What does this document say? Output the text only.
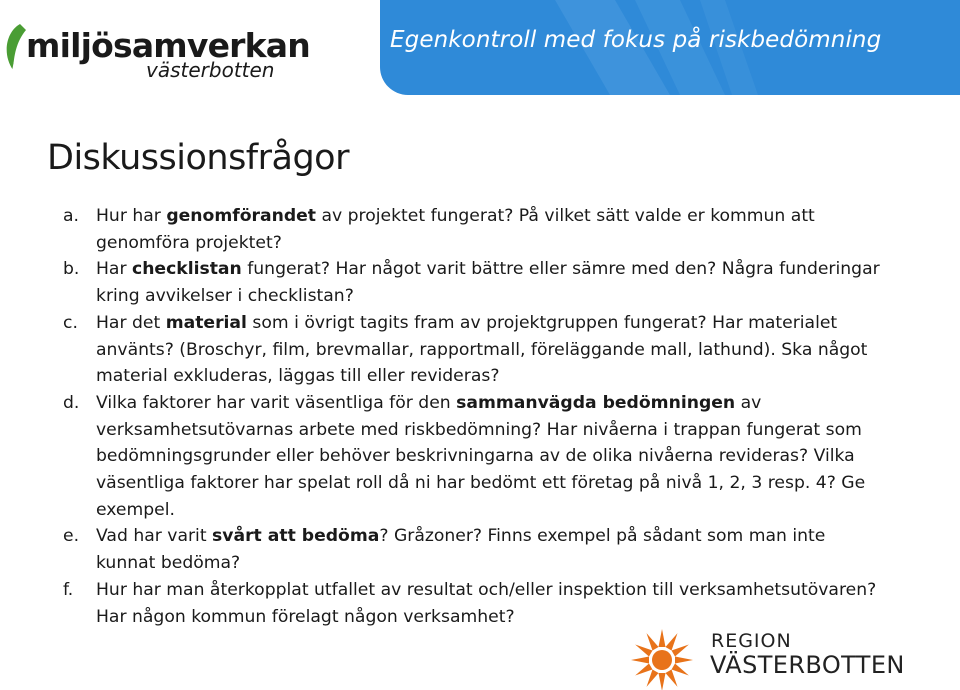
Egenkontroll med fokus på riskbedömning
miljösamverkan
västerbotten
Diskussionsfrågor
a. Hur har genomförandet av projektet fungerat? På vilket sätt valde er kommun att genomföra projektet?
b. Har checklistan fungerat? Har något varit bättre eller sämre med den? Några funderingar kring avvikelser i checklistan?
c. Har det material som i övrigt tagits fram av projektgruppen fungerat? Har materialet använts? (Broschyr, film, brevmallar, rapportmall, föreläggande mall, lathund). Ska något material exkluderas, läggas till eller revideras?
d. Vilka faktorer har varit väsentliga för den sammanvägda bedömningen av verksamhetsutövarnas arbete med riskbedömning? Har nivåerna i trappan fungerat som bedömningsgrunder eller behöver beskrivningarna av de olika nivåerna revideras? Vilka väsentliga faktorer har spelat roll då ni har bedömt ett företag på nivå 1, 2, 3 resp. 4? Ge exempel.
e. Vad har varit svårt att bedöma? Gråzoner? Finns exempel på sådant som man inte kunnat bedöma?
f. Hur har man återkopplat utfallet av resultat och/eller inspektion till verksamhetsutövaren? Har någon kommun förelagt någon verksamhet?
REGION
VÄSTERBOTTEN
